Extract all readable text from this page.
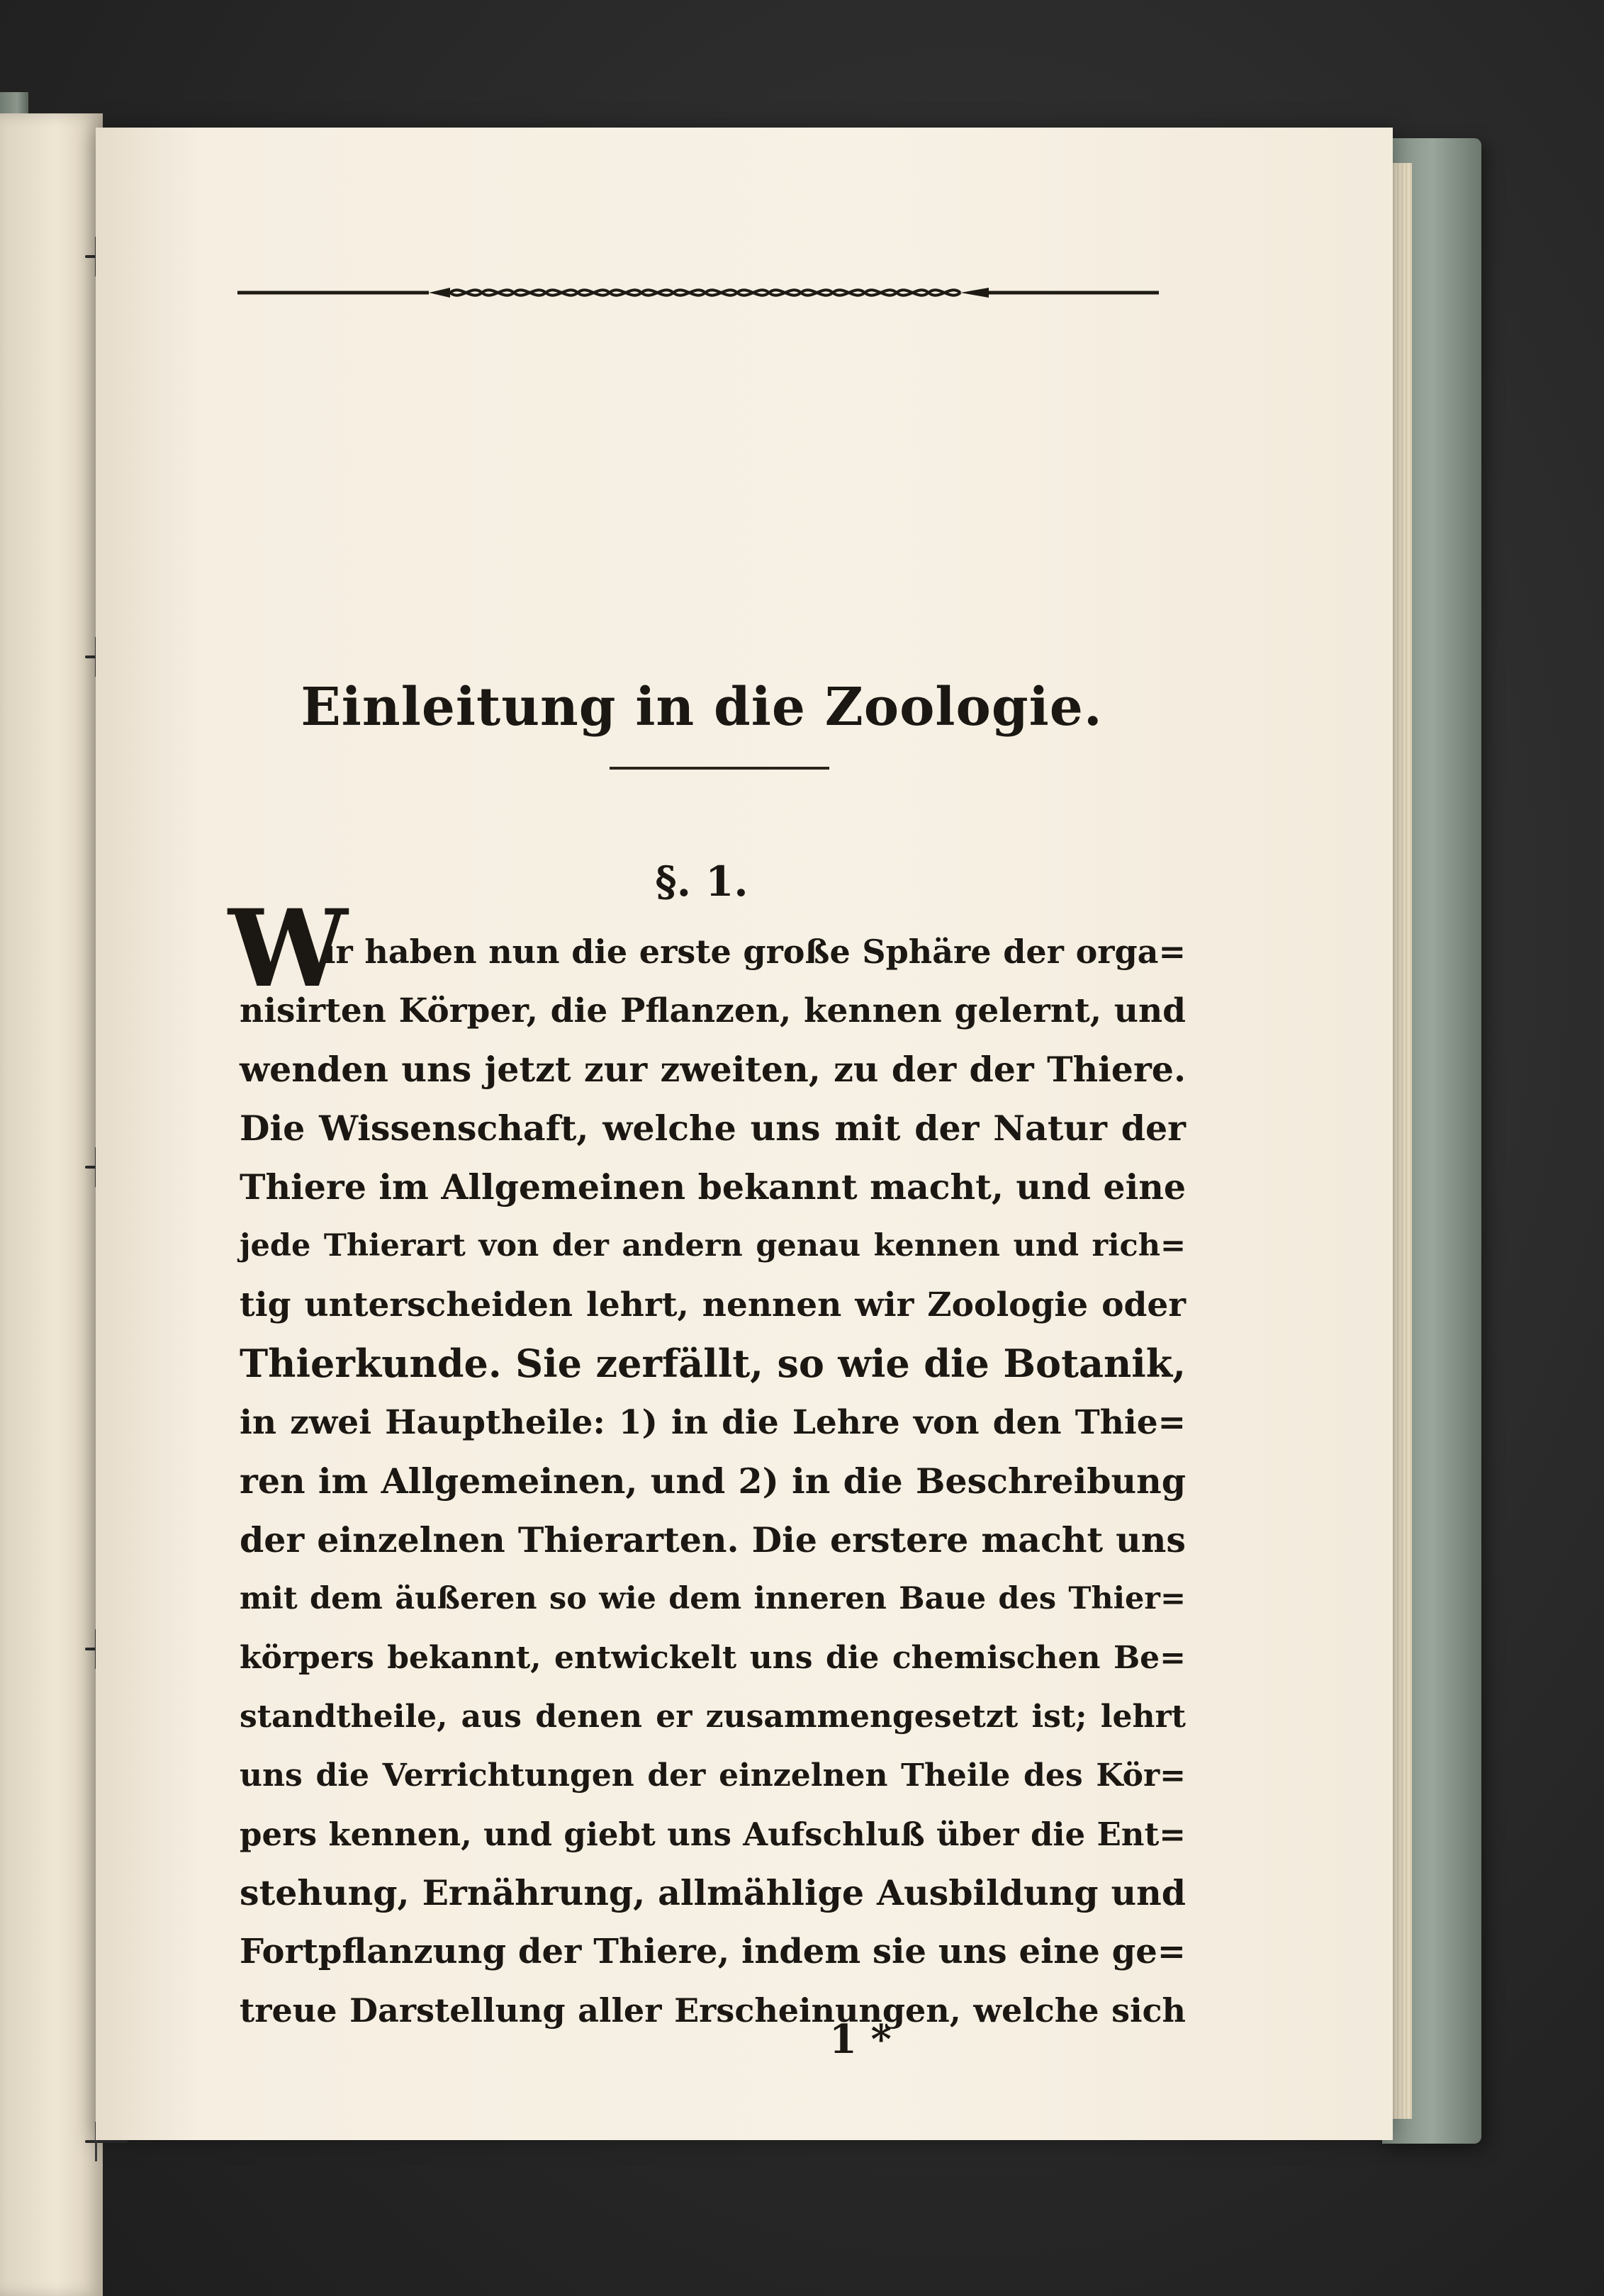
Einleitung in die Zoologie.
§. 1.
W
ir haben nun die erste große Sphäre der orga=
nisirten Körper, die Pflanzen, kennen gelernt, und
wenden uns jetzt zur zweiten, zu der der Thiere.
Die Wissenschaft, welche uns mit der Natur der
Thiere im Allgemeinen bekannt macht, und eine
jede Thierart von der andern genau kennen und rich=
tig unterscheiden lehrt, nennen wir Zoologie oder
Thierkunde. Sie zerfällt, so wie die Botanik,
in zwei Hauptheile: 1) in die Lehre von den Thie=
ren im Allgemeinen, und 2) in die Beschreibung
der einzelnen Thierarten. Die erstere macht uns
mit dem äußeren so wie dem inneren Baue des Thier=
körpers bekannt, entwickelt uns die chemischen Be=
standtheile, aus denen er zusammengesetzt ist; lehrt
uns die Verrichtungen der einzelnen Theile des Kör=
pers kennen, und giebt uns Aufschluß über die Ent=
stehung, Ernährung, allmählige Ausbildung und
Fortpflanzung der Thiere, indem sie uns eine ge=
treue Darstellung aller Erscheinungen, welche sich
1 *
